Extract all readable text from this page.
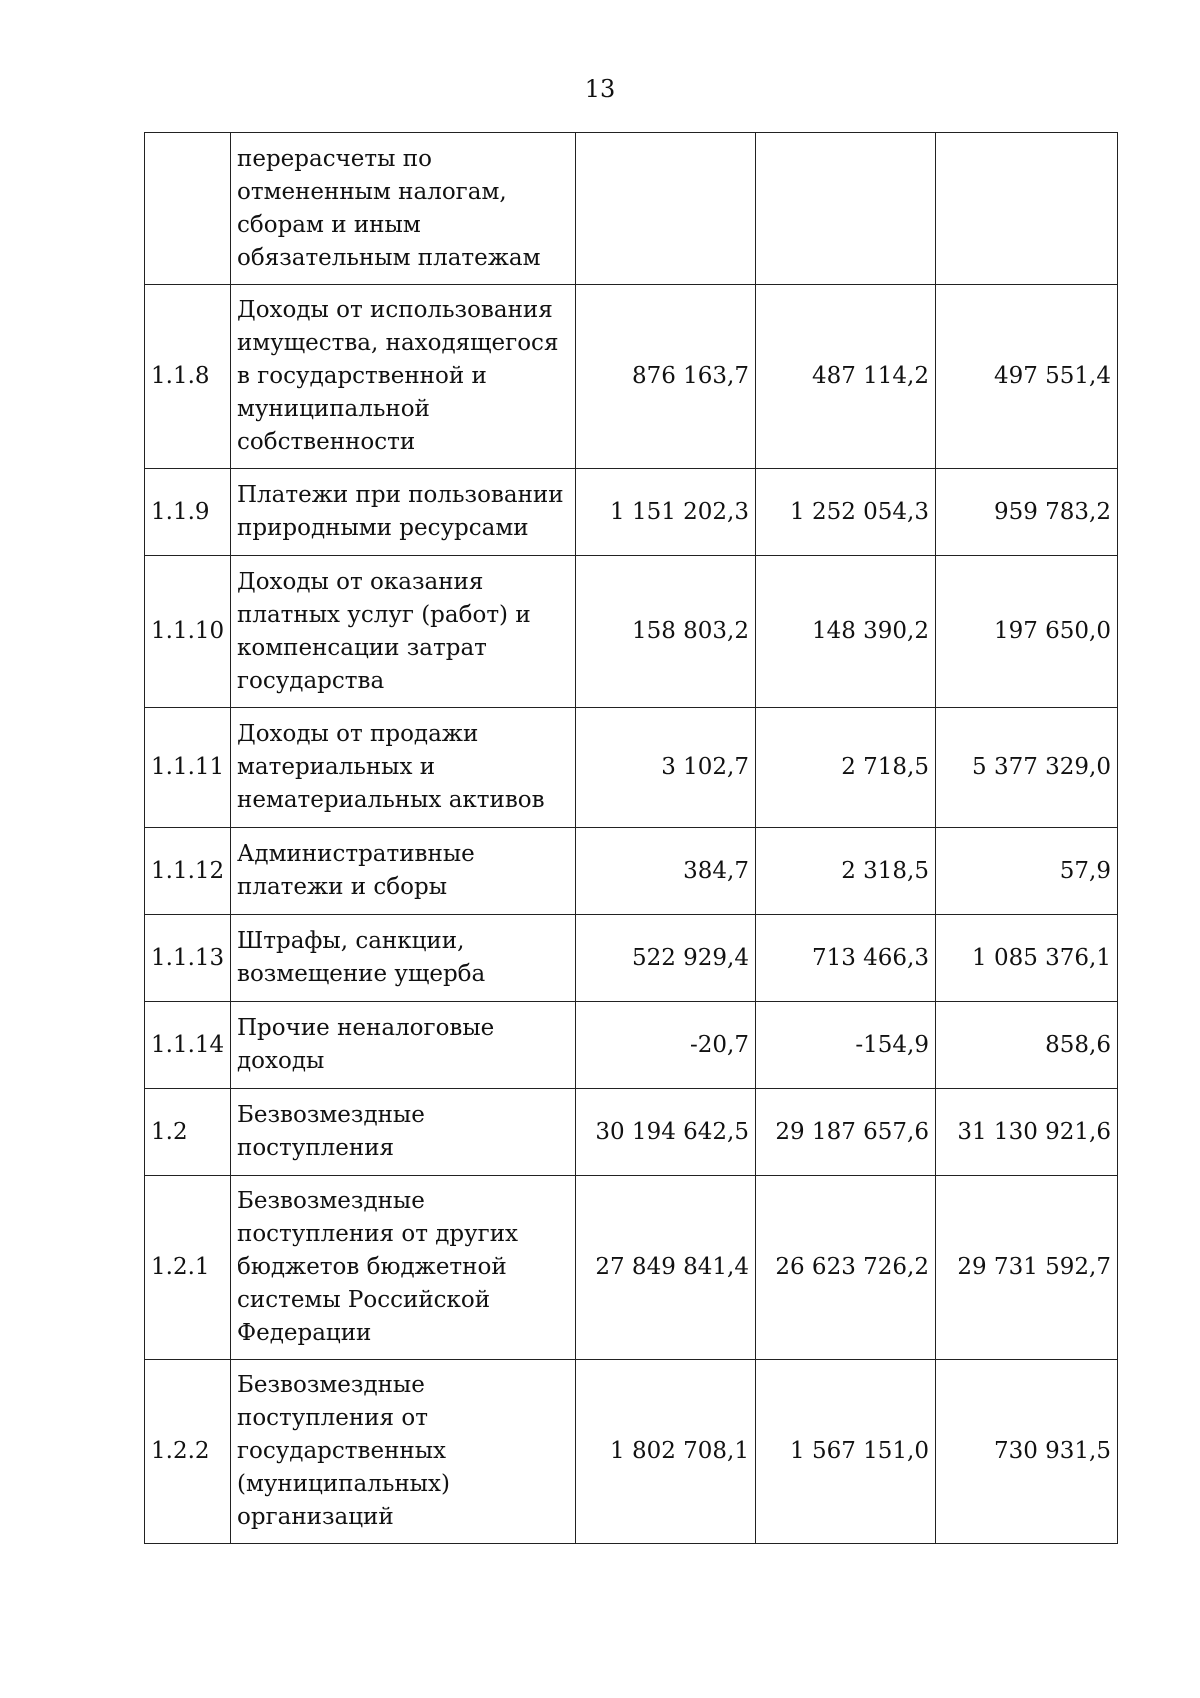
13

	перерасчеты по
отмененным налогам,
сборам и иным
обязательным платежам			

1.1.8	Доходы от использования
имущества, находящегося
в государственной и
муниципальной
собственности	876 163,7	487 114,2	497 551,4
1.1.9	Платежи при пользовании
природными ресурсами	1 151 202,3	1 252 054,3	959 783,2
1.1.10	Доходы от оказания
платных услуг (работ) и
компенсации затрат
государства	158 803,2	148 390,2	197 650,0
1.1.11	Доходы от продажи
материальных и
нематериальных активов	3 102,7	2 718,5	5 377 329,0
1.1.12	Административные
платежи и сборы	384,7	2 318,5	57,9
1.1.13	Штрафы, санкции,
возмещение ущерба	522 929,4	713 466,3	1 085 376,1
1.1.14	Прочие неналоговые
доходы	-20,7	-154,9	858,6
1.2	Безвозмездные
поступления	30 194 642,5	29 187 657,6	31 130 921,6
1.2.1	Безвозмездные
поступления от других
бюджетов бюджетной
системы Российской
Федерации	27 849 841,4	26 623 726,2	29 731 592,7
1.2.2	Безвозмездные
поступления от
государственных
(муниципальных)
организаций	1 802 708,1	1 567 151,0	730 931,5
